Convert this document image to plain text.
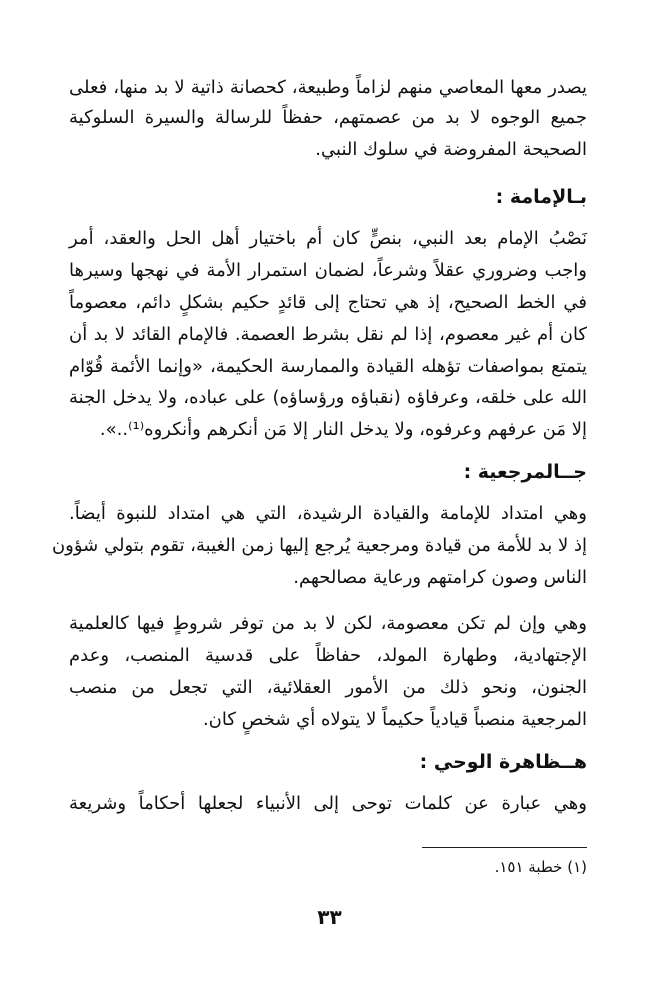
يصدر معها المعاصي منهم لزاماً وطبيعة، كحصانة ذاتية لا بد منها، فعلى
جميع الوجوه لا بد من عصمتهم، حفظاً للرسالة والسيرة السلوكية
الصحيحة المفروضة في سلوك النبي.
بـالإمامة :
نَصْبُ الإمام بعد النبي، بنصٍّ كان أم باختيار أهل الحل والعقد، أمر
واجب وضروري عقلاً وشرعاً، لضمان استمرار الأمة في نهجها وسيرها
في الخط الصحيح، إذ هي تحتاج إلى قائدٍ حكيم بشكلٍ دائم، معصوماً
كان أم غير معصوم، إذا لم نقل بشرط العصمة. فالإمام القائد لا بد أن
يتمتع بمواصفات تؤهله القيادة والممارسة الحكيمة، «وإنما الأئمة قُوّام
الله على خلقه، وعرفاؤه (نقباؤه ورؤساؤه) على عباده، ولا يدخل الجنة
إلا مَن عرفهم وعرفوه، ولا يدخل النار إلا مَن أنكرهم وأنكروه⁽¹⁾..».
جــالمرجعية :
وهي امتداد للإمامة والقيادة الرشيدة، التي هي امتداد للنبوة أيضاً.
إذ لا بد للأمة من قيادة ومرجعية يُرجع إليها زمن الغيبة، تقوم بتولي شؤون
الناس وصون كرامتهم ورعاية مصالحهم.
وهي وإن لم تكن معصومة، لكن لا بد من توفر شروطٍ فيها كالعلمية
الإجتهادية، وطهارة المولد، حفاظاً على قدسية المنصب، وعدم
الجنون، ونحو ذلك من الأمور العقلائية، التي تجعل من منصب
المرجعية منصباً قيادياً حكيماً لا يتولاه أي شخصٍ كان.
هــظاهرة الوحي :
وهي عبارة عن كلمات توحى إلى الأنبياء لجعلها أحكاماً وشريعة
(١) خطبة ١٥١.
٣٣
